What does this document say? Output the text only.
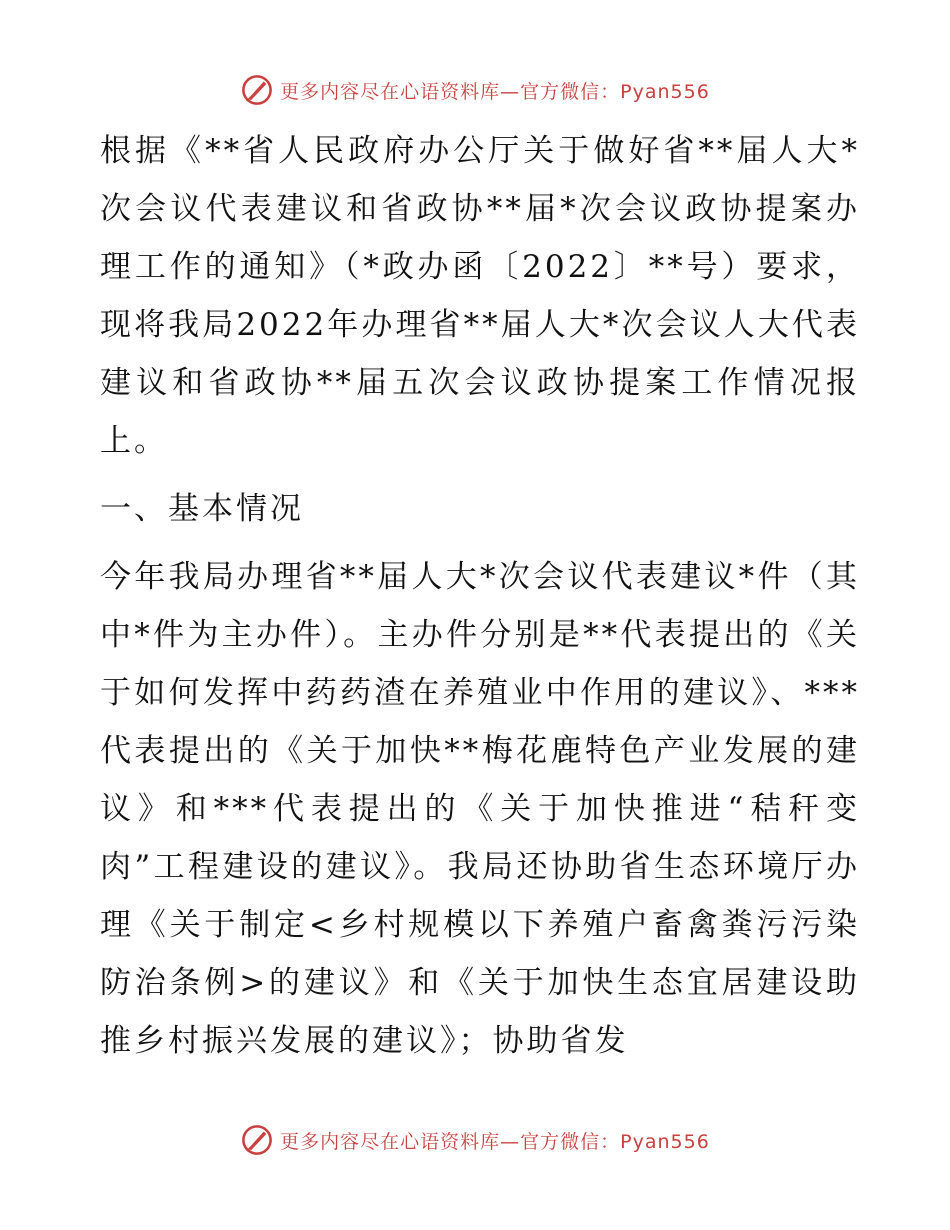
更多内容尽在心语资料库—官方微信：Pyan556

根据《**省人民政府办公厅关于做好省**届人大*次会议代表建议和省政协**届*次会议政协提案办理工作的通知》（*政办函〔2022〕**号）要求，现将我局2022年办理省**届人大*次会议人大代表建议和省政协**届五次会议政协提案工作情况报上。

一、基本情况

今年我局办理省**届人大*次会议代表建议*件（其中*件为主办件）。主办件分别是**代表提出的《关于如何发挥中药药渣在养殖业中作用的建议》、***代表提出的《关于加快**梅花鹿特色产业发展的建议》和***代表提出的《关于加快推进“秸秆变肉”工程建设的建议》。我局还协助省生态环境厅办理《关于制定<乡村规模以下养殖户畜禽粪污污染防治条例>的建议》和《关于加快生态宜居建设助推乡村振兴发展的建议》；协助省发

更多内容尽在心语资料库—官方微信：Pyan556
